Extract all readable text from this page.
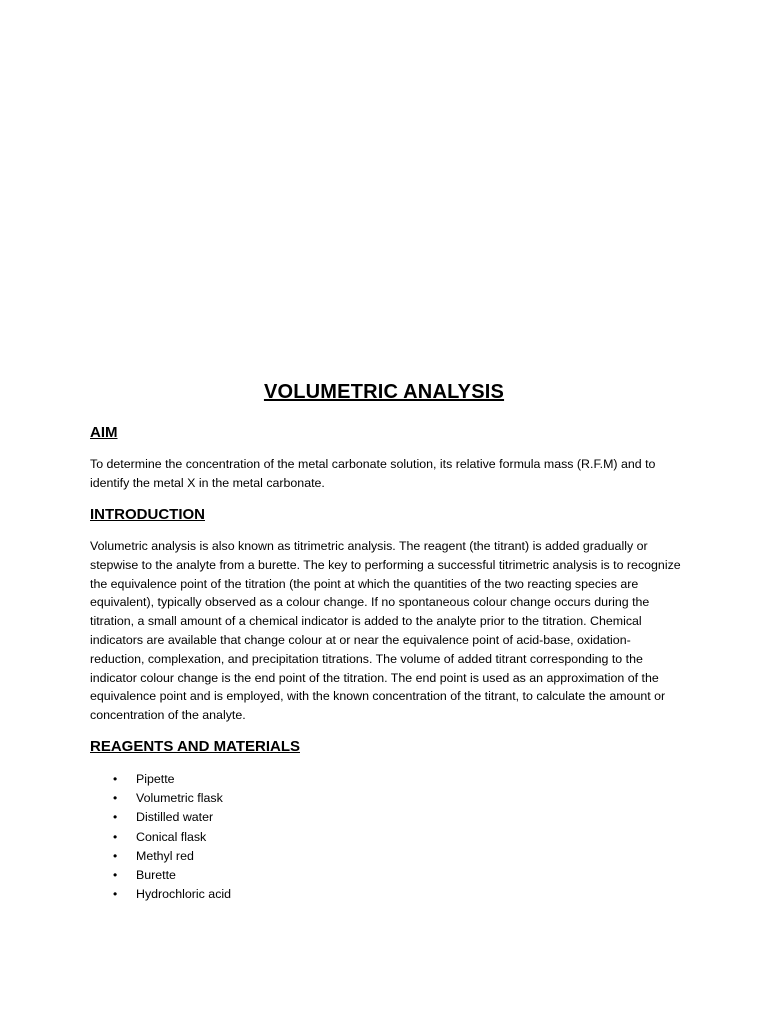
VOLUMETRIC ANALYSIS
AIM

To determine the concentration of the metal carbonate solution, its relative formula mass (R.F.M) and to identify the metal X in the metal carbonate.

INTRODUCTION

Volumetric analysis is also known as titrimetric analysis. The reagent (the titrant) is added gradually or stepwise to the analyte from a burette. The key to performing a successful titrimetric analysis is to recognize the equivalence point of the titration (the point at which the quantities of the two reacting species are equivalent), typically observed as a colour change. If no spontaneous colour change occurs during the titration, a small amount of a chemical indicator is added to the analyte prior to the titration. Chemical indicators are available that change colour at or near the equivalence point of acid-base, oxidation-reduction, complexation, and precipitation titrations. The volume of added titrant corresponding to the indicator colour change is the end point of the titration. The end point is used as an approximation of the equivalence point and is employed, with the known concentration of the titrant, to calculate the amount or concentration of the analyte.

REAGENTS AND MATERIALS
• Pipette
• Volumetric flask
• Distilled water
• Conical flask
• Methyl red
• Burette
• Hydrochloric acid
